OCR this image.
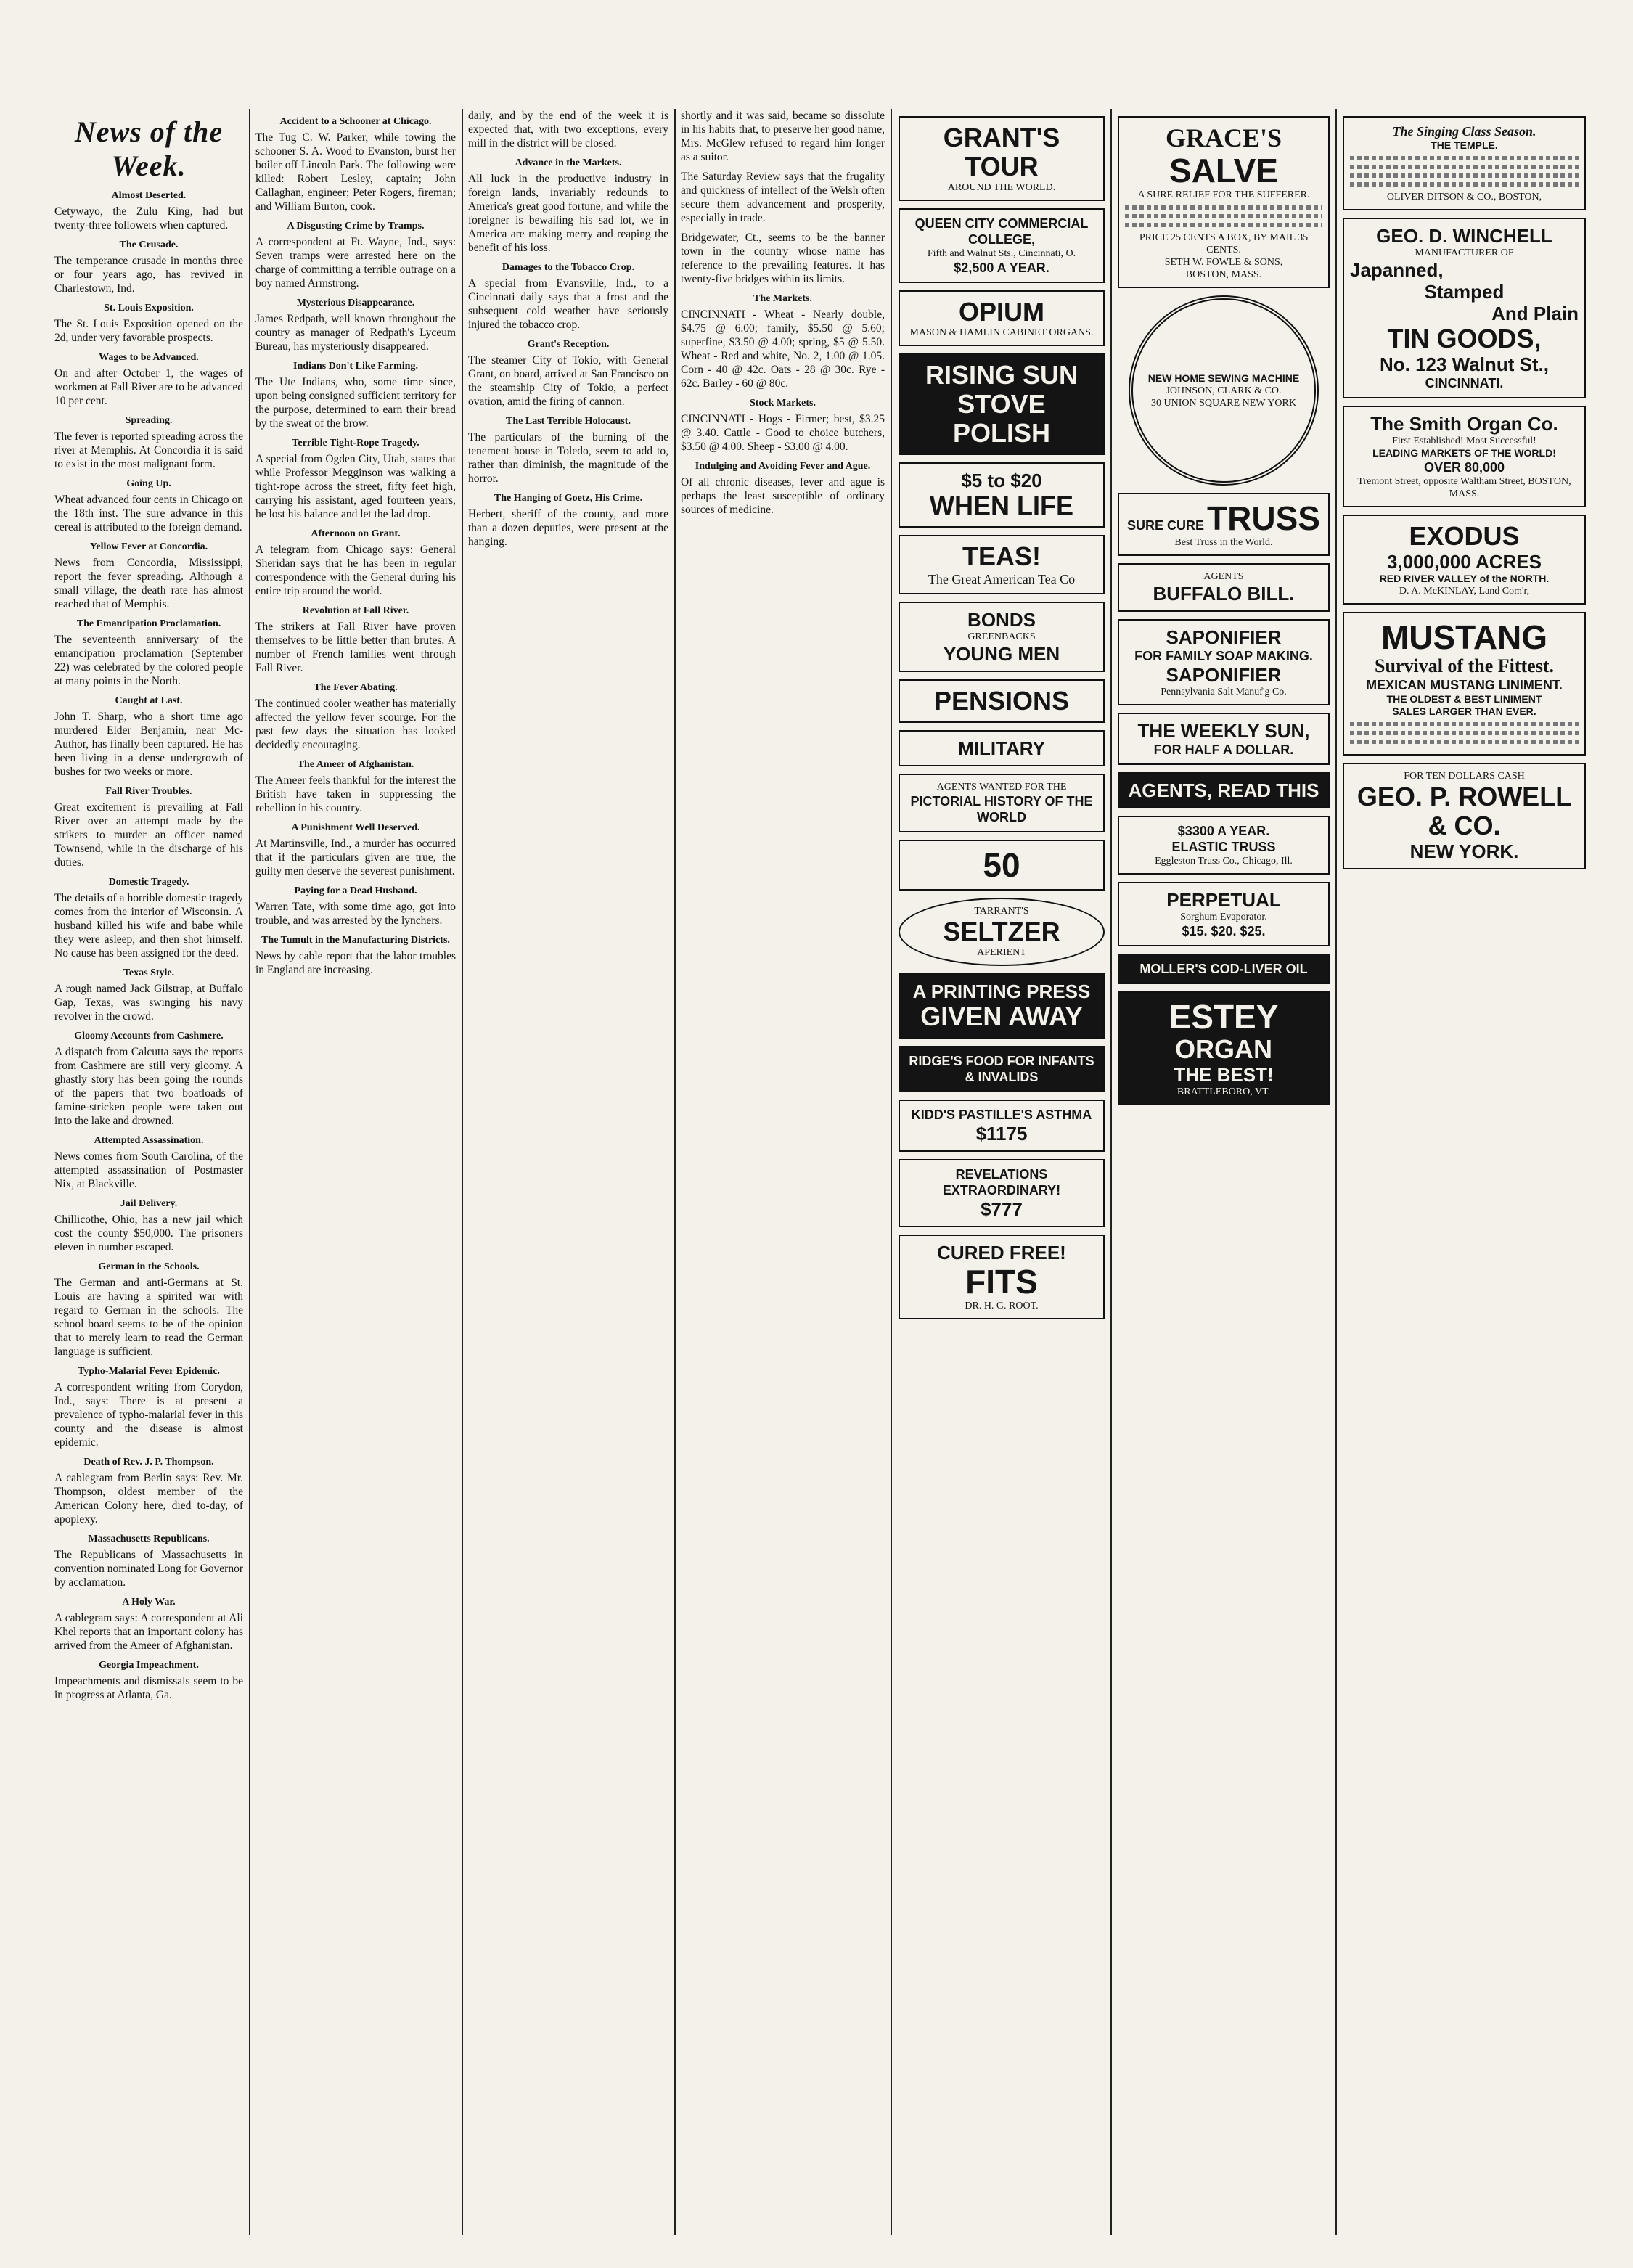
News of the Week.
Almost Deserted.

Cetywayo, the Zulu King, had but twenty-three followers when captured.

The Crusade.

The temperance crusade in months three or four years ago, has revived in Charlestown, Ind.

St. Louis Exposition.

The St. Louis Exposition opened on the 2d, under very favorable prospects.

Wages to be Advanced.

On and after October 1, the wages of workmen at Fall River are to be advanced 10 per cent.

Spreading.

The fever is reported spreading across the river at Memphis. At Concordia it is said to exist in the most malignant form.

Going Up.

Wheat advanced four cents in Chicago on the 18th inst. The sure advance in this cereal is attributed to the foreign demand.

Yellow Fever at Concordia.

News from Concordia, Mississippi, report the fever spreading. Although a small village, the death rate has almost reached that of Memphis.

The Emancipation Proclamation.

The seventeenth anniversary of the emancipation proclamation (September 22) was celebrated by the colored people at many points in the North.

Caught at Last.

John T. Sharp, who a short time ago murdered Elder Benjamin, near Mc-Author, has finally been captured. He has been living in a dense undergrowth of bushes for two weeks or more.

Fall River Troubles.

Great excitement is prevailing at Fall River over an attempt made by the strikers to murder an officer named Townsend, while in the discharge of his duties.

Domestic Tragedy.

The details of a horrible domestic tragedy comes from the interior of Wisconsin. A husband killed his wife and babe while they were asleep, and then shot himself. No cause has been assigned for the deed.

Texas Style.

A rough named Jack Gilstrap, at Buffalo Gap, Texas, was swinging his navy revolver in the crowd.

Gloomy Accounts from Cashmere.

A dispatch from Calcutta says the reports from Cashmere are still very gloomy. A ghastly story has been going the rounds of the papers that two boatloads of famine-stricken people were taken out into the lake and drowned.

Attempted Assassination.

News comes from South Carolina, of the attempted assassination of Postmaster Nix, at Blackville.

Jail Delivery.

Chillicothe, Ohio, has a new jail which cost the county $50,000. The prisoners eleven in number escaped.

German in the Schools.

The German and anti-Germans at St. Louis are having a spirited war with regard to German in the schools. The school board seems to be of the opinion that to merely learn to read the German language is sufficient.

Typho-Malarial Fever Epidemic.

A correspondent writing from Corydon, Ind., says: There is at present a prevalence of typho-malarial fever in this county and the disease is almost epidemic.

Death of Rev. J. P. Thompson.

A cablegram from Berlin says: Rev. Mr. Thompson, oldest member of the American Colony here, died to-day, of apoplexy.

Massachusetts Republicans.

The Republicans of Massachusetts in convention nominated Long for Governor by acclamation.

A Holy War.

A cablegram says: A correspondent at Ali Khel reports that an important colony has arrived from the Ameer of Afghanistan.

Georgia Impeachment.

Impeachments and dismissals seem to be in progress at Atlanta, Ga.

Accident to a Schooner at Chicago.

The Tug C. W. Parker, while towing the schooner S. A. Wood to Evanston, burst her boiler off Lincoln Park. The following were killed: Robert Lesley, captain; John Callaghan, engineer; Peter Rogers, fireman; and William Burton, cook.

A Disgusting Crime by Tramps.

A correspondent at Ft. Wayne, Ind., says: Seven tramps were arrested here on the charge of committing a terrible outrage on a boy named Armstrong.

Mysterious Disappearance.

James Redpath, well known throughout the country as manager of Redpath's Lyceum Bureau, has mysteriously disappeared.

Indians Don't Like Farming.

The Ute Indians, who, some time since, upon being consigned sufficient territory for the purpose, determined to earn their bread by the sweat of the brow.

Terrible Tight-Rope Tragedy.

A special from Ogden City, Utah, states that while Professor Megginson was walking a tight-rope across the street, fifty feet high, carrying his assistant, aged fourteen years, he lost his balance and let the lad drop.

Afternoon on Grant.

A telegram from Chicago says: General Sheridan says that he has been in regular correspondence with the General during his entire trip around the world.

Revolution at Fall River.

The strikers at Fall River have proven themselves to be little better than brutes. A number of French families went through Fall River.

The Fever Abating.

The continued cooler weather has materially affected the yellow fever scourge. For the past few days the situation has looked decidedly encouraging.

The Ameer of Afghanistan.

The Ameer feels thankful for the interest the British have taken in suppressing the rebellion in his country.

A Punishment Well Deserved.

At Martinsville, Ind., a murder has occurred that if the particulars given are true, the guilty men deserve the severest punishment.

Paying for a Dead Husband.

Warren Tate, with some time ago, got into trouble, and was arrested by the lynchers.

The Tumult in the Manufacturing Districts.

News by cable report that the labor troubles in England are increasing.

daily, and by the end of the week it is expected that, with two exceptions, every mill in the district will be closed.

Advance in the Markets.

All luck in the productive industry in foreign lands, invariably redounds to America's great good fortune, and while the foreigner is bewailing his sad lot, we in America are making merry and reaping the benefit of his loss.

Damages to the Tobacco Crop.

A special from Evansville, Ind., to a Cincinnati daily says that a frost and the subsequent cold weather have seriously injured the tobacco crop.

Grant's Reception.

The steamer City of Tokio, with General Grant, on board, arrived at San Francisco on the steamship City of Tokio, a perfect ovation, amid the firing of cannon.

The Last Terrible Holocaust.

The particulars of the burning of the tenement house in Toledo, seem to add to, rather than diminish, the magnitude of the horror.

The Hanging of Goetz, His Crime.

Herbert, sheriff of the county, and more than a dozen deputies, were present at the hanging.

shortly and it was said, became so dissolute in his habits that, to preserve her good name, Mrs. McGlew refused to regard him longer as a suitor.

The Saturday Review says that the frugality and quickness of intellect of the Welsh often secure them advancement and prosperity, especially in trade.

Bridgewater, Ct., seems to be the banner town in the country whose name has reference to the prevailing features. It has twenty-five bridges within its limits.

The Markets.

CINCINNATI - Wheat - Nearly double, $4.75 @ 6.00; family, $5.50 @ 5.60; superfine, $3.50 @ 4.00; spring, $5 @ 5.50. Wheat - Red and white, No. 2, 1.00 @ 1.05. Corn - 40 @ 42c. Oats - 28 @ 30c. Rye - 62c. Barley - 60 @ 80c.

Stock Markets.

CINCINNATI - Hogs - Firmer; best, $3.25 @ 3.40. Cattle - Good to choice butchers, $3.50 @ 4.00. Sheep - $3.00 @ 4.00.

Indulging and Avoiding Fever and Ague.

Of all chronic diseases, fever and ague is perhaps the least susceptible of ordinary sources of medicine.

GRANT'S TOUR
AROUND THE WORLD.
QUEEN CITY COMMERCIAL COLLEGE,
Fifth and Walnut Sts., Cincinnati, O.
$2,500 A YEAR.
OPIUM
MASON & HAMLIN CABINET ORGANS.
RISING SUN
STOVE POLISH
$5 to $20
WHEN LIFE
TEAS!
The Great American Tea Co
BONDS
GREENBACKS
YOUNG MEN
PENSIONS
MILITARY
AGENTS WANTED FOR THE
PICTORIAL HISTORY OF THE WORLD
50
TARRANT'S
SELTZER
APERIENT
A PRINTING PRESS
GIVEN AWAY
RIDGE'S FOOD FOR INFANTS & INVALIDS
KIDD'S PASTILLE'S ASTHMA
$1175
REVELATIONS EXTRAORDINARY!
$777
CURED FREE!
FITS
DR. H. G. ROOT.
GRACE'S
SALVE
A SURE RELIEF FOR THE SUFFERER.
PRICE 25 CENTS A BOX, BY MAIL 35 CENTS.
SETH W. FOWLE & SONS,
BOSTON, MASS.
NEW HOME SEWING MACHINE
JOHNSON, CLARK & CO.
30 UNION SQUARE NEW YORK
SURE CURE TRUSS
Best Truss in the World.
AGENTS
BUFFALO BILL.
SAPONIFIER
FOR FAMILY SOAP MAKING.
SAPONIFIER
Pennsylvania Salt Manuf'g Co.
THE WEEKLY SUN,
FOR HALF A DOLLAR.
AGENTS, READ THIS
$3300 A YEAR.
ELASTIC TRUSS
Eggleston Truss Co., Chicago, Ill.
PERPETUAL
Sorghum Evaporator.
$15. $20. $25.
MOLLER'S COD-LIVER OIL
ESTEY
ORGAN
THE BEST!
BRATTLEBORO, VT.
The Singing Class Season.
THE TEMPLE.
OLIVER DITSON & CO., BOSTON,
GEO. D. WINCHELL
MANUFACTURER OF
Japanned,
Stamped
And Plain
TIN GOODS,
No. 123 Walnut St.,
CINCINNATI.
The Smith Organ Co.
First Established! Most Successful!
LEADING MARKETS OF THE WORLD!
OVER 80,000
Tremont Street, opposite Waltham Street, BOSTON, MASS.
EXODUS
3,000,000 ACRES
RED RIVER VALLEY of the NORTH.
D. A. McKINLAY, Land Com'r,
MUSTANG
Survival of the Fittest.
MEXICAN MUSTANG LINIMENT.
THE OLDEST & BEST LINIMENT
SALES LARGER THAN EVER.
FOR TEN DOLLARS CASH
GEO. P. ROWELL & CO.
NEW YORK.
